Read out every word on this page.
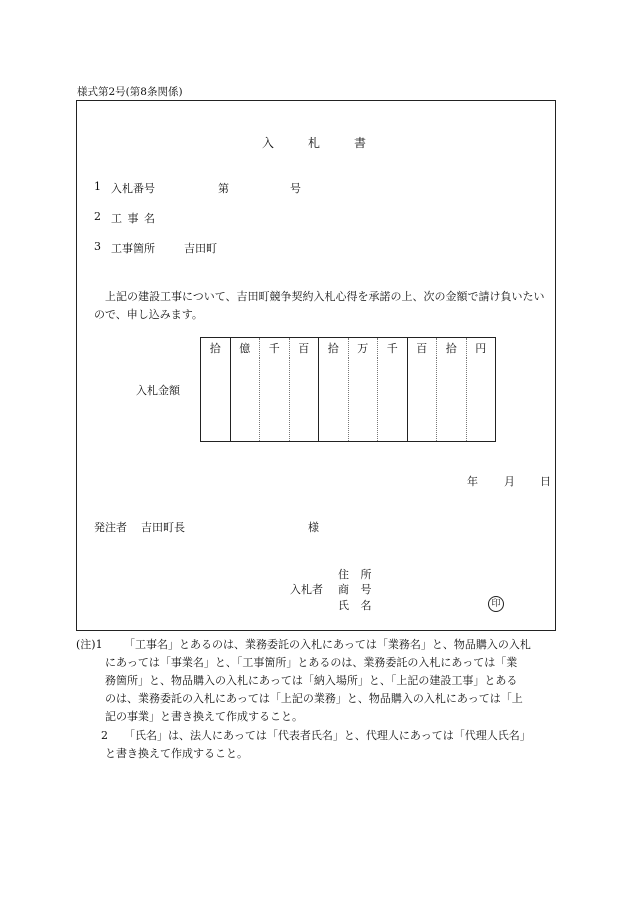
様式第2号(第8条関係)
入	札	書
1 入札番号	第	号
2 工 事 名
3 工事箇所	吉田町
上記の建設工事について、吉田町競争契約入札心得を承諾の上、次の金額で請け負いたいので、申し込みます。
入札金額
拾	億	千	百	拾	万	千	百	拾	円

年 月 日
発注者 吉田町長	様
住 所
入札者 商 号
氏 名	印
(注)1 「工事名」とあるのは、業務委託の入札にあっては「業務名」と、物品購入の入札
にあっては「事業名」と、「工事箇所」とあるのは、業務委託の入札にあっては「業
務箇所」と、物品購入の入札にあっては「納入場所」と、「上記の建設工事」とある
のは、業務委託の入札にあっては「上記の業務」と、物品購入の入札にあっては「上
記の事業」と書き換えて作成すること。
2 「氏名」は、法人にあっては「代表者氏名」と、代理人にあっては「代理人氏名」
と書き換えて作成すること。
